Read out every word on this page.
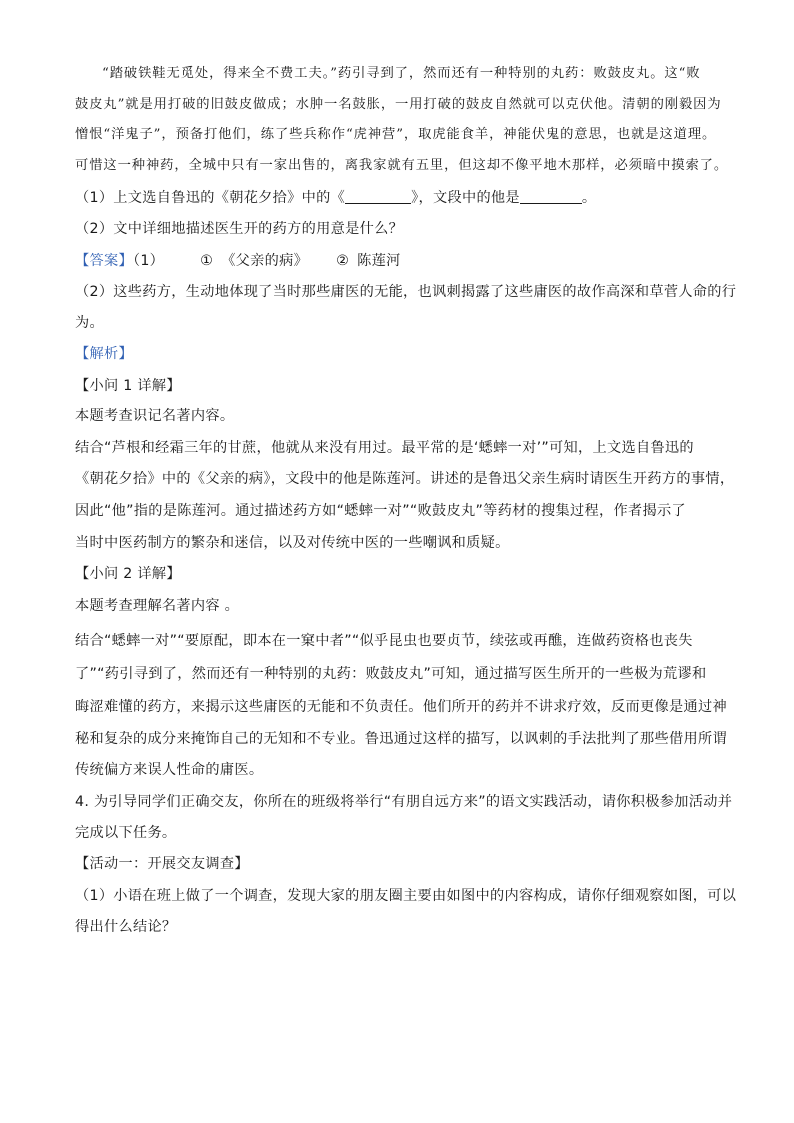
“踏破铁鞋无觅处，得来全不费工夫。”药引寻到了，然而还有一种特别的丸药：败鼓皮丸。这“败
鼓皮丸”就是用打破的旧鼓皮做成；水肿一名鼓胀，一用打破的鼓皮自然就可以克伏他。清朝的刚毅因为
憎恨“洋鬼子”，预备打他们，练了些兵称作“虎神营”，取虎能食羊，神能伏鬼的意思，也就是这道理。
可惜这一种神药，全城中只有一家出售的，离我家就有五里，但这却不像平地木那样，必须暗中摸索了。
（1）上文选自鲁迅的《朝花夕拾》中的《	》，文段中的他是	。
（2）文中详细地描述医生开的药方的用意是什么？
【答案】（1）	① 《父亲的病》 ② 陈莲河
（2）这些药方，生动地体现了当时那些庸医的无能，也讽刺揭露了这些庸医的故作高深和草菅人命的行
为。
【解析】
【小问 1 详解】
本题考查识记名著内容。
结合“芦根和经霜三年的甘蔗，他就从来没有用过。最平常的是‘蟋蟀一对’”可知，上文选自鲁迅的
《朝花夕拾》中的《父亲的病》，文段中的他是陈莲河。讲述的是鲁迅父亲生病时请医生开药方的事情，
因此“他”指的是陈莲河。通过描述药方如“蟋蟀一对”“败鼓皮丸”等药材的搜集过程，作者揭示了
当时中医药制方的繁杂和迷信，以及对传统中医的一些嘲讽和质疑。
【小问 2 详解】
本题考查理解名著内容 。
结合“蟋蟀一对”“要原配，即本在一窠中者”“似乎昆虫也要贞节，续弦或再醮，连做药资格也丧失
了”“药引寻到了，然而还有一种特别的丸药：败鼓皮丸”可知，通过描写医生所开的一些极为荒谬和
晦涩难懂的药方，来揭示这些庸医的无能和不负责任。他们所开的药并不讲求疗效，反而更像是通过神
秘和复杂的成分来掩饰自己的无知和不专业。鲁迅通过这样的描写，以讽刺的手法批判了那些借用所谓
传统偏方来误人性命的庸医。
4. 为引导同学们正确交友，你所在的班级将举行“有朋自远方来”的语文实践活动，请你积极参加活动并
完成以下任务。
【活动一：开展交友调查】
（1）小语在班上做了一个调查，发现大家的朋友圈主要由如图中的内容构成，请你仔细观察如图，可以
得出什么结论？
